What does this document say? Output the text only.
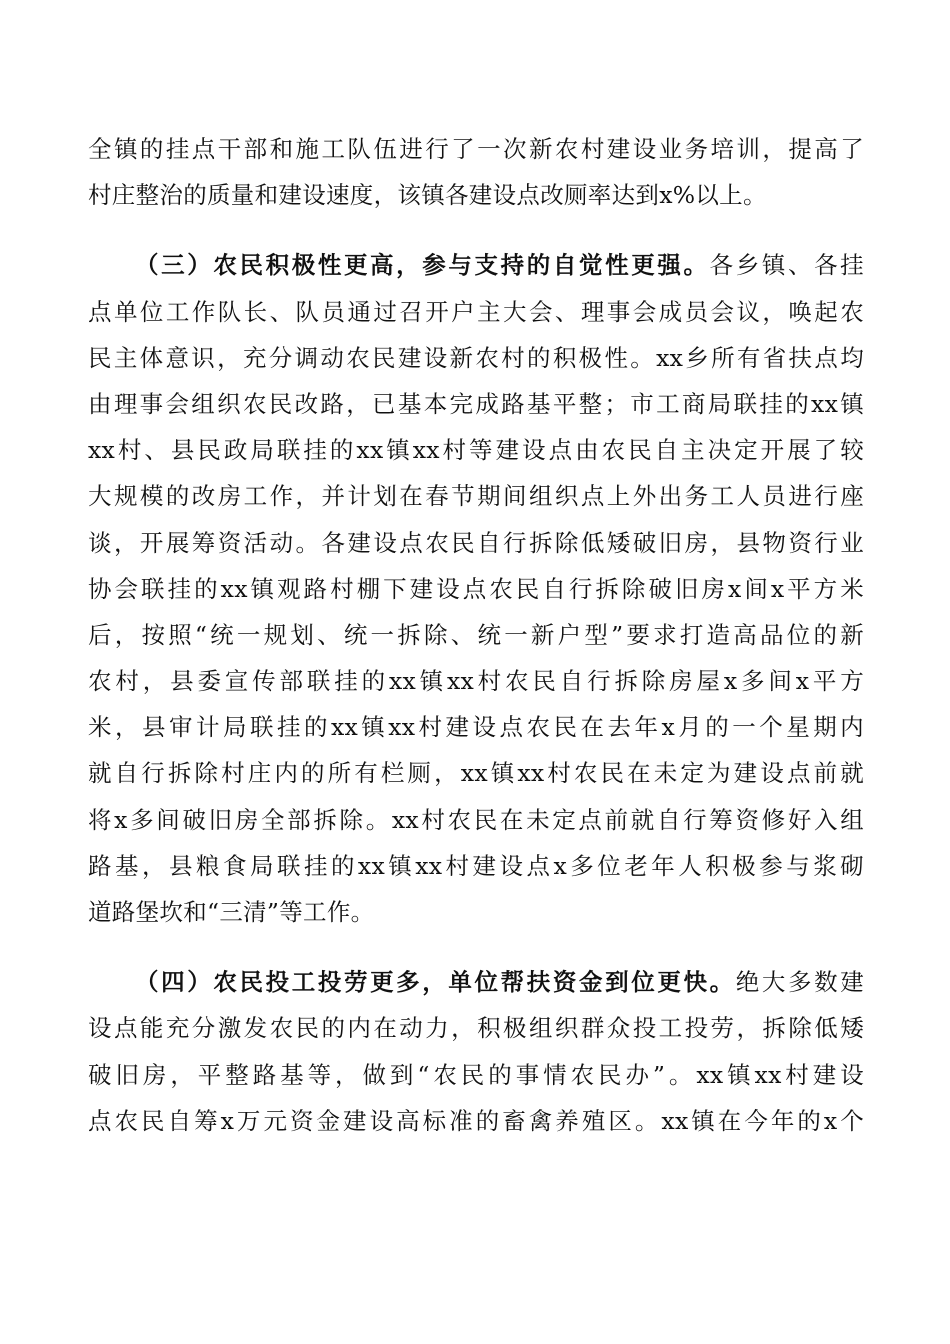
全镇的挂点干部和施工队伍进行了一次新农村建设业务培训，提高了
村庄整治的质量和建设速度，该镇各建设点改厕率达到x%以上。
（三）农民积极性更高，参与支持的自觉性更强。各乡镇、各挂
点单位工作队长、队员通过召开户主大会、理事会成员会议，唤起农
民主体意识，充分调动农民建设新农村的积极性。xx乡所有省扶点均
由理事会组织农民改路，已基本完成路基平整；市工商局联挂的xx镇
xx村、县民政局联挂的xx镇xx村等建设点由农民自主决定开展了较
大规模的改房工作，并计划在春节期间组织点上外出务工人员进行座
谈，开展筹资活动。各建设点农民自行拆除低矮破旧房，县物资行业
协会联挂的xx镇观路村棚下建设点农民自行拆除破旧房x间x平方米
后，按照“统一规划、统一拆除、统一新户型”要求打造高品位的新
农村，县委宣传部联挂的xx镇xx村农民自行拆除房屋x多间x平方
米，县审计局联挂的xx镇xx村建设点农民在去年x月的一个星期内
就自行拆除村庄内的所有栏厕，xx镇xx村农民在未定为建设点前就
将x多间破旧房全部拆除。xx村农民在未定点前就自行筹资修好入组
路基，县粮食局联挂的xx镇xx村建设点x多位老年人积极参与浆砌
道路堡坎和“三清”等工作。
（四）农民投工投劳更多，单位帮扶资金到位更快。绝大多数建
设点能充分激发农民的内在动力，积极组织群众投工投劳，拆除低矮
破旧房，平整路基等，做到“农民的事情农民办”。xx镇xx村建设
点农民自筹x万元资金建设高标准的畜禽养殖区。xx镇在今年的x个
